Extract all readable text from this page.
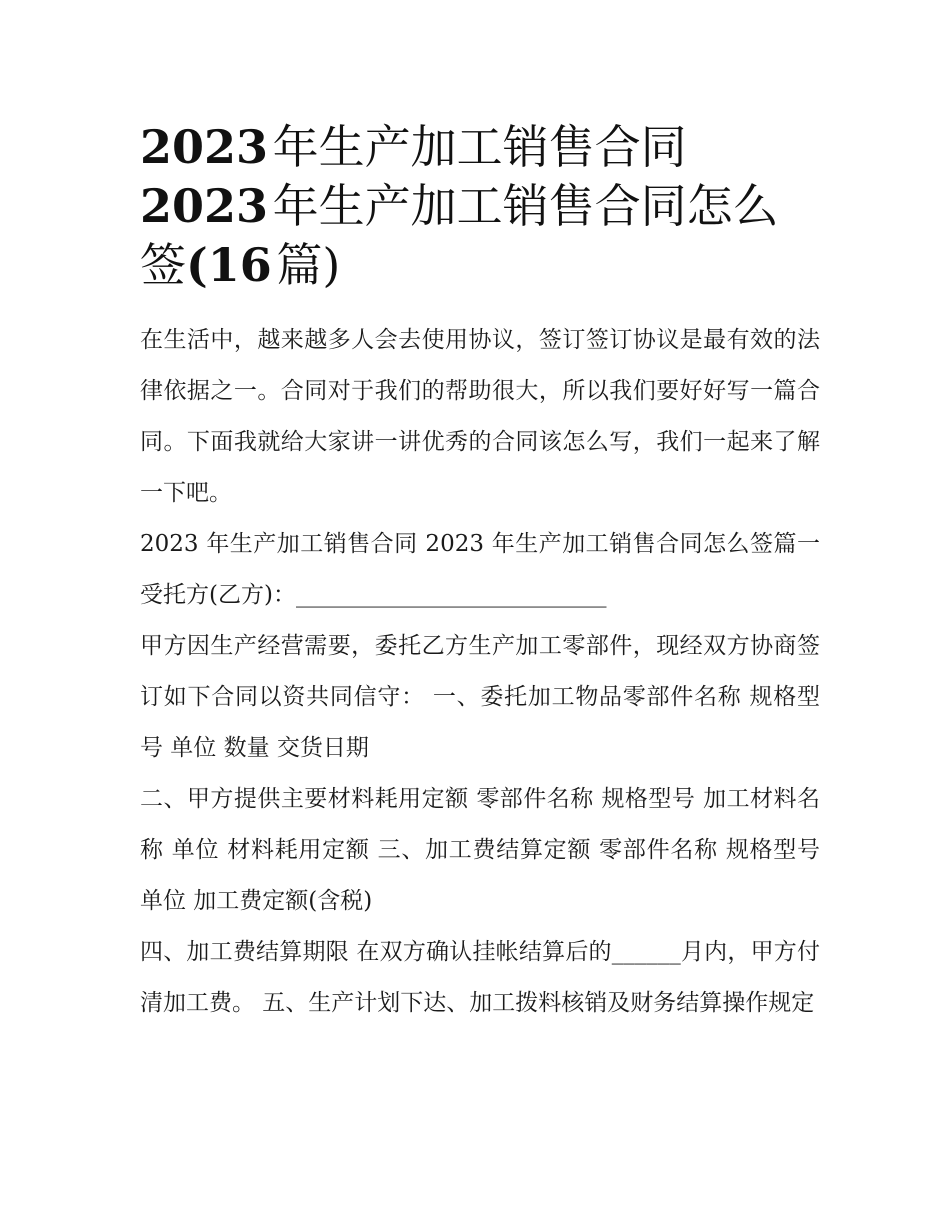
2023 年生产加工销售合同
2023 年生产加工销售合同怎么签(16 篇)

在生活中，越来越多人会去使用协议，签订签订协议是最有效的法律依据之一。合同对于我们的帮助很大，所以我们要好好写一篇合同。下面我就给大家讲一讲优秀的合同该怎么写，我们一起来了解一下吧。

2023 年生产加工销售合同 2023 年生产加工销售合同怎么签篇一 受托方(乙方)：___________________________

甲方因生产经营需要，委托乙方生产加工零部件，现经双方协商签订如下合同以资共同信守： 一、委托加工物品零部件名称 规格型号 单位 数量 交货日期

二、甲方提供主要材料耗用定额 零部件名称 规格型号 加工材料名称 单位 材料耗用定额 三、加工费结算定额 零部件名称 规格型号 单位 加工费定额(含税)

四、加工费结算期限 在双方确认挂帐结算后的______月内，甲方付清加工费。 五、生产计划下达、加工拨料核销及财务结算操作规定
